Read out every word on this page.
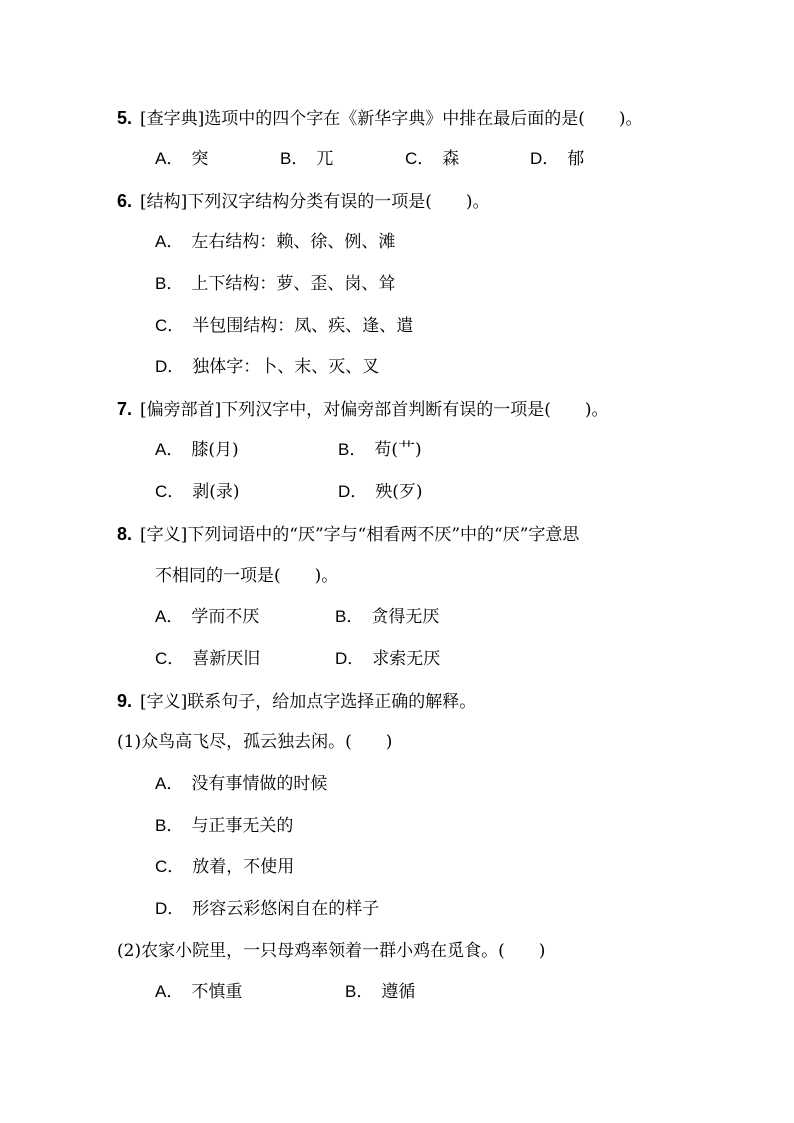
5. [查字典]选项中的四个字在《新华字典》中排在最后面的是(　　)。
A． 突	B． 兀	C． 森	D． 郁
6. [结构]下列汉字结构分类有误的一项是(　　)。
A． 左右结构：赖、徐、例、滩
B． 上下结构：萝、歪、岗、耸
C． 半包围结构：凤、疾、逢、遣
D． 独体字：卜、末、灭、叉
7. [偏旁部首]下列汉字中，对偏旁部首判断有误的一项是(　　)。
A． 膝(月)	B． 苟(艹)
C． 剥(录)	D． 殃(歹)
8. [字义]下列词语中的“厌”字与“相看两不厌”中的“厌”字意思
不相同的一项是(　　)。
A． 学而不厌	B． 贪得无厌
C． 喜新厌旧	D． 求索无厌
9. [字义]联系句子，给加点字选择正确的解释。
(1)众鸟高飞尽，孤云独去闲。(　　)
A． 没有事情做的时候
B． 与正事无关的
C． 放着，不使用
D． 形容云彩悠闲自在的样子
(2)农家小院里，一只母鸡率领着一群小鸡在觅食。(　　)
A． 不慎重	B． 遵循
